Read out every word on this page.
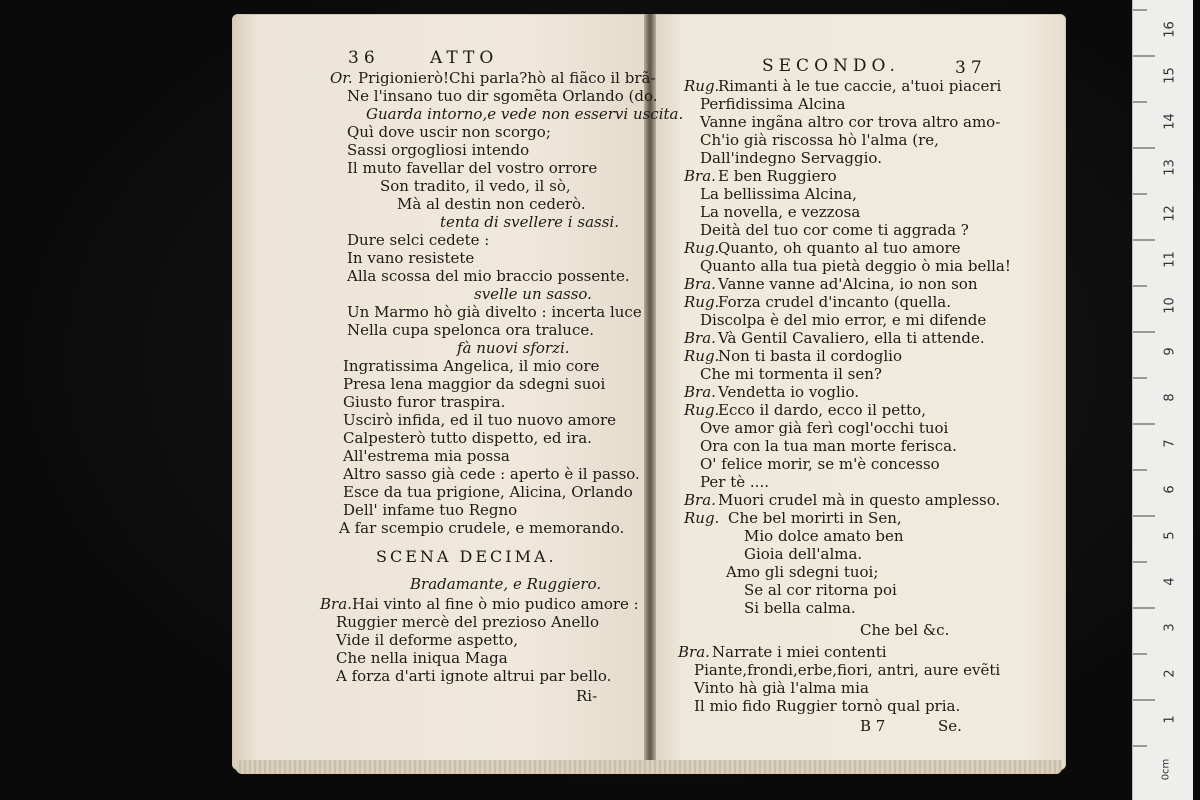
36	ATTO
Or. Prigionierò!Chi parla?hò al fiãco il brã-
Ne l'insano tuo dir sgomẽta Orlando (do.
Guarda intorno,e vede non esservi uscita.
Quì dove uscir non scorgo;
Sassi orgogliosi intendo
Il muto favellar del vostro orrore
Son tradito, il vedo, il sò,
Mà al destin non cederò.
tenta di svellere i sassi.
Dure selci cedete :
In vano resistete
Alla scossa del mio braccio possente.
svelle un sasso.
Un Marmo hò già divelto : incerta luce
Nella cupa spelonca ora traluce.
fà nuovi sforzi.
Ingratissima Angelica, il mio core
Presa lena maggior da sdegni suoi
Giusto furor traspira.
Uscirò infida, ed il tuo nuovo amore
Calpesterò tutto dispetto, ed ira.
All'estrema mia possa
Altro sasso già cede : aperto è il passo.
Esce da tua prigione, Alicina, Orlando
Dell' infame tuo Regno
A far scempio crudele, e memorando.
SCENA DECIMA.
Bradamante, e Ruggiero.
Bra. Hai vinto al fine ò mio pudico amore :
Ruggier mercè del prezioso Anello
Vide il deforme aspetto,
Che nella iniqua Maga
A forza d'arti ignote altrui par bello.
Ri-
SECONDO.	37
Rug.
Rimanti à le tue caccie, a'tuoi piaceri
Perfidissima Alcina
Vanne ingãna altro cor trova altro amo-
Ch'io già riscossa hò l'alma (re,
Dall'indegno Servaggio.
Bra. E ben Ruggiero
La bellissima Alcina,
La novella, e vezzosa
Deità del tuo cor come ti aggrada ?
Rug.
Quanto, oh quanto al tuo amore
Quanto alla tua pietà deggio ò mia bella!
Bra. Vanne vanne ad'Alcina, io non son
Rug.
Forza crudel d'incanto (quella.
Discolpa è del mio error, e mi difende
Bra. Và Gentil Cavaliero, ella ti attende.
Rug.
Non ti basta il cordoglio
Che mi tormenta il sen?
Bra. Vendetta io voglio.
Rug.
Ecco il dardo, ecco il petto,
Ove amor già ferì cogl'occhi tuoi
Ora con la tua man morte ferisca.
O' felice morir, se m'è concesso
Per tè ....
Bra. Muori crudel mà in questo amplesso.
Rug. Che bel morirti in Sen,
Mio dolce amato ben
Gioia dell'alma.
Amo gli sdegni tuoi;
Se al cor ritorna poi
Si bella calma.
Che bel &c.
Bra. Narrate i miei contenti
Piante,frondi,erbe,fiori, antri, aure evẽti
Vinto hà già l'alma mia
Il mio fido Ruggier tornò qual pria.
B 7	Se.
16
15
14
13
12
11
10
9
8
7
6
5
4
3
2
1
0cm
